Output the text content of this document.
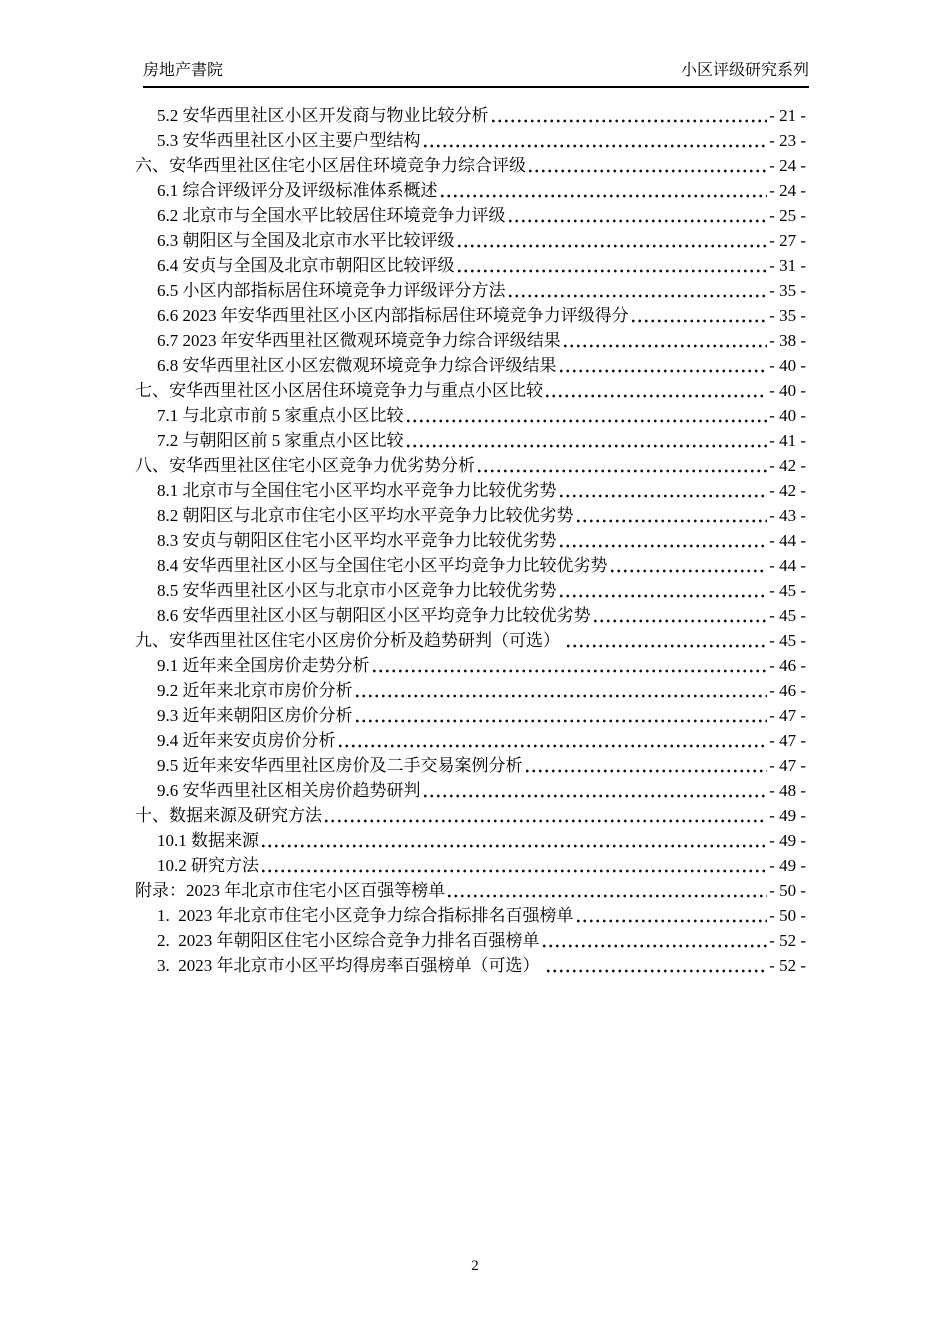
房地产書院	小区评级研究系列
5.2 安华西里社区小区开发商与物业比较分析	- 21 -
5.3 安华西里社区小区主要户型结构	- 23 -
六、安华西里社区住宅小区居住环境竞争力综合评级	- 24 -
6.1 综合评级评分及评级标准体系概述	- 24 -
6.2 北京市与全国水平比较居住环境竞争力评级	- 25 -
6.3 朝阳区与全国及北京市水平比较评级	- 27 -
6.4 安贞与全国及北京市朝阳区比较评级	- 31 -
6.5 小区内部指标居住环境竞争力评级评分方法	- 35 -
6.6 2023 年安华西里社区小区内部指标居住环境竞争力评级得分	- 35 -
6.7 2023 年安华西里社区微观环境竞争力综合评级结果	- 38 -
6.8 安华西里社区小区宏微观环境竞争力综合评级结果	- 40 -
七、安华西里社区小区居住环境竞争力与重点小区比较	- 40 -
7.1 与北京市前 5 家重点小区比较	- 40 -
7.2 与朝阳区前 5 家重点小区比较	- 41 -
八、安华西里社区住宅小区竞争力优劣势分析	- 42 -
8.1 北京市与全国住宅小区平均水平竞争力比较优劣势	- 42 -
8.2 朝阳区与北京市住宅小区平均水平竞争力比较优劣势	- 43 -
8.3 安贞与朝阳区住宅小区平均水平竞争力比较优劣势	- 44 -
8.4 安华西里社区小区与全国住宅小区平均竞争力比较优劣势	- 44 -
8.5 安华西里社区小区与北京市小区竞争力比较优劣势	- 45 -
8.6 安华西里社区小区与朝阳区小区平均竞争力比较优劣势	- 45 -
九、安华西里社区住宅小区房价分析及趋势研判（可选）	- 45 -
9.1 近年来全国房价走势分析	- 46 -
9.2 近年来北京市房价分析	- 46 -
9.3 近年来朝阳区房价分析	- 47 -
9.4 近年来安贞房价分析	- 47 -
9.5 近年来安华西里社区房价及二手交易案例分析	- 47 -
9.6 安华西里社区相关房价趋势研判	- 48 -
十、数据来源及研究方法	- 49 -
10.1 数据来源	- 49 -
10.2 研究方法	- 49 -
附录：2023 年北京市住宅小区百强等榜单	- 50 -
1.  2023 年北京市住宅小区竞争力综合指标排名百强榜单	- 50 -
2.  2023 年朝阳区住宅小区综合竞争力排名百强榜单	- 52 -
3.  2023 年北京市小区平均得房率百强榜单（可选）	- 52 -
2
